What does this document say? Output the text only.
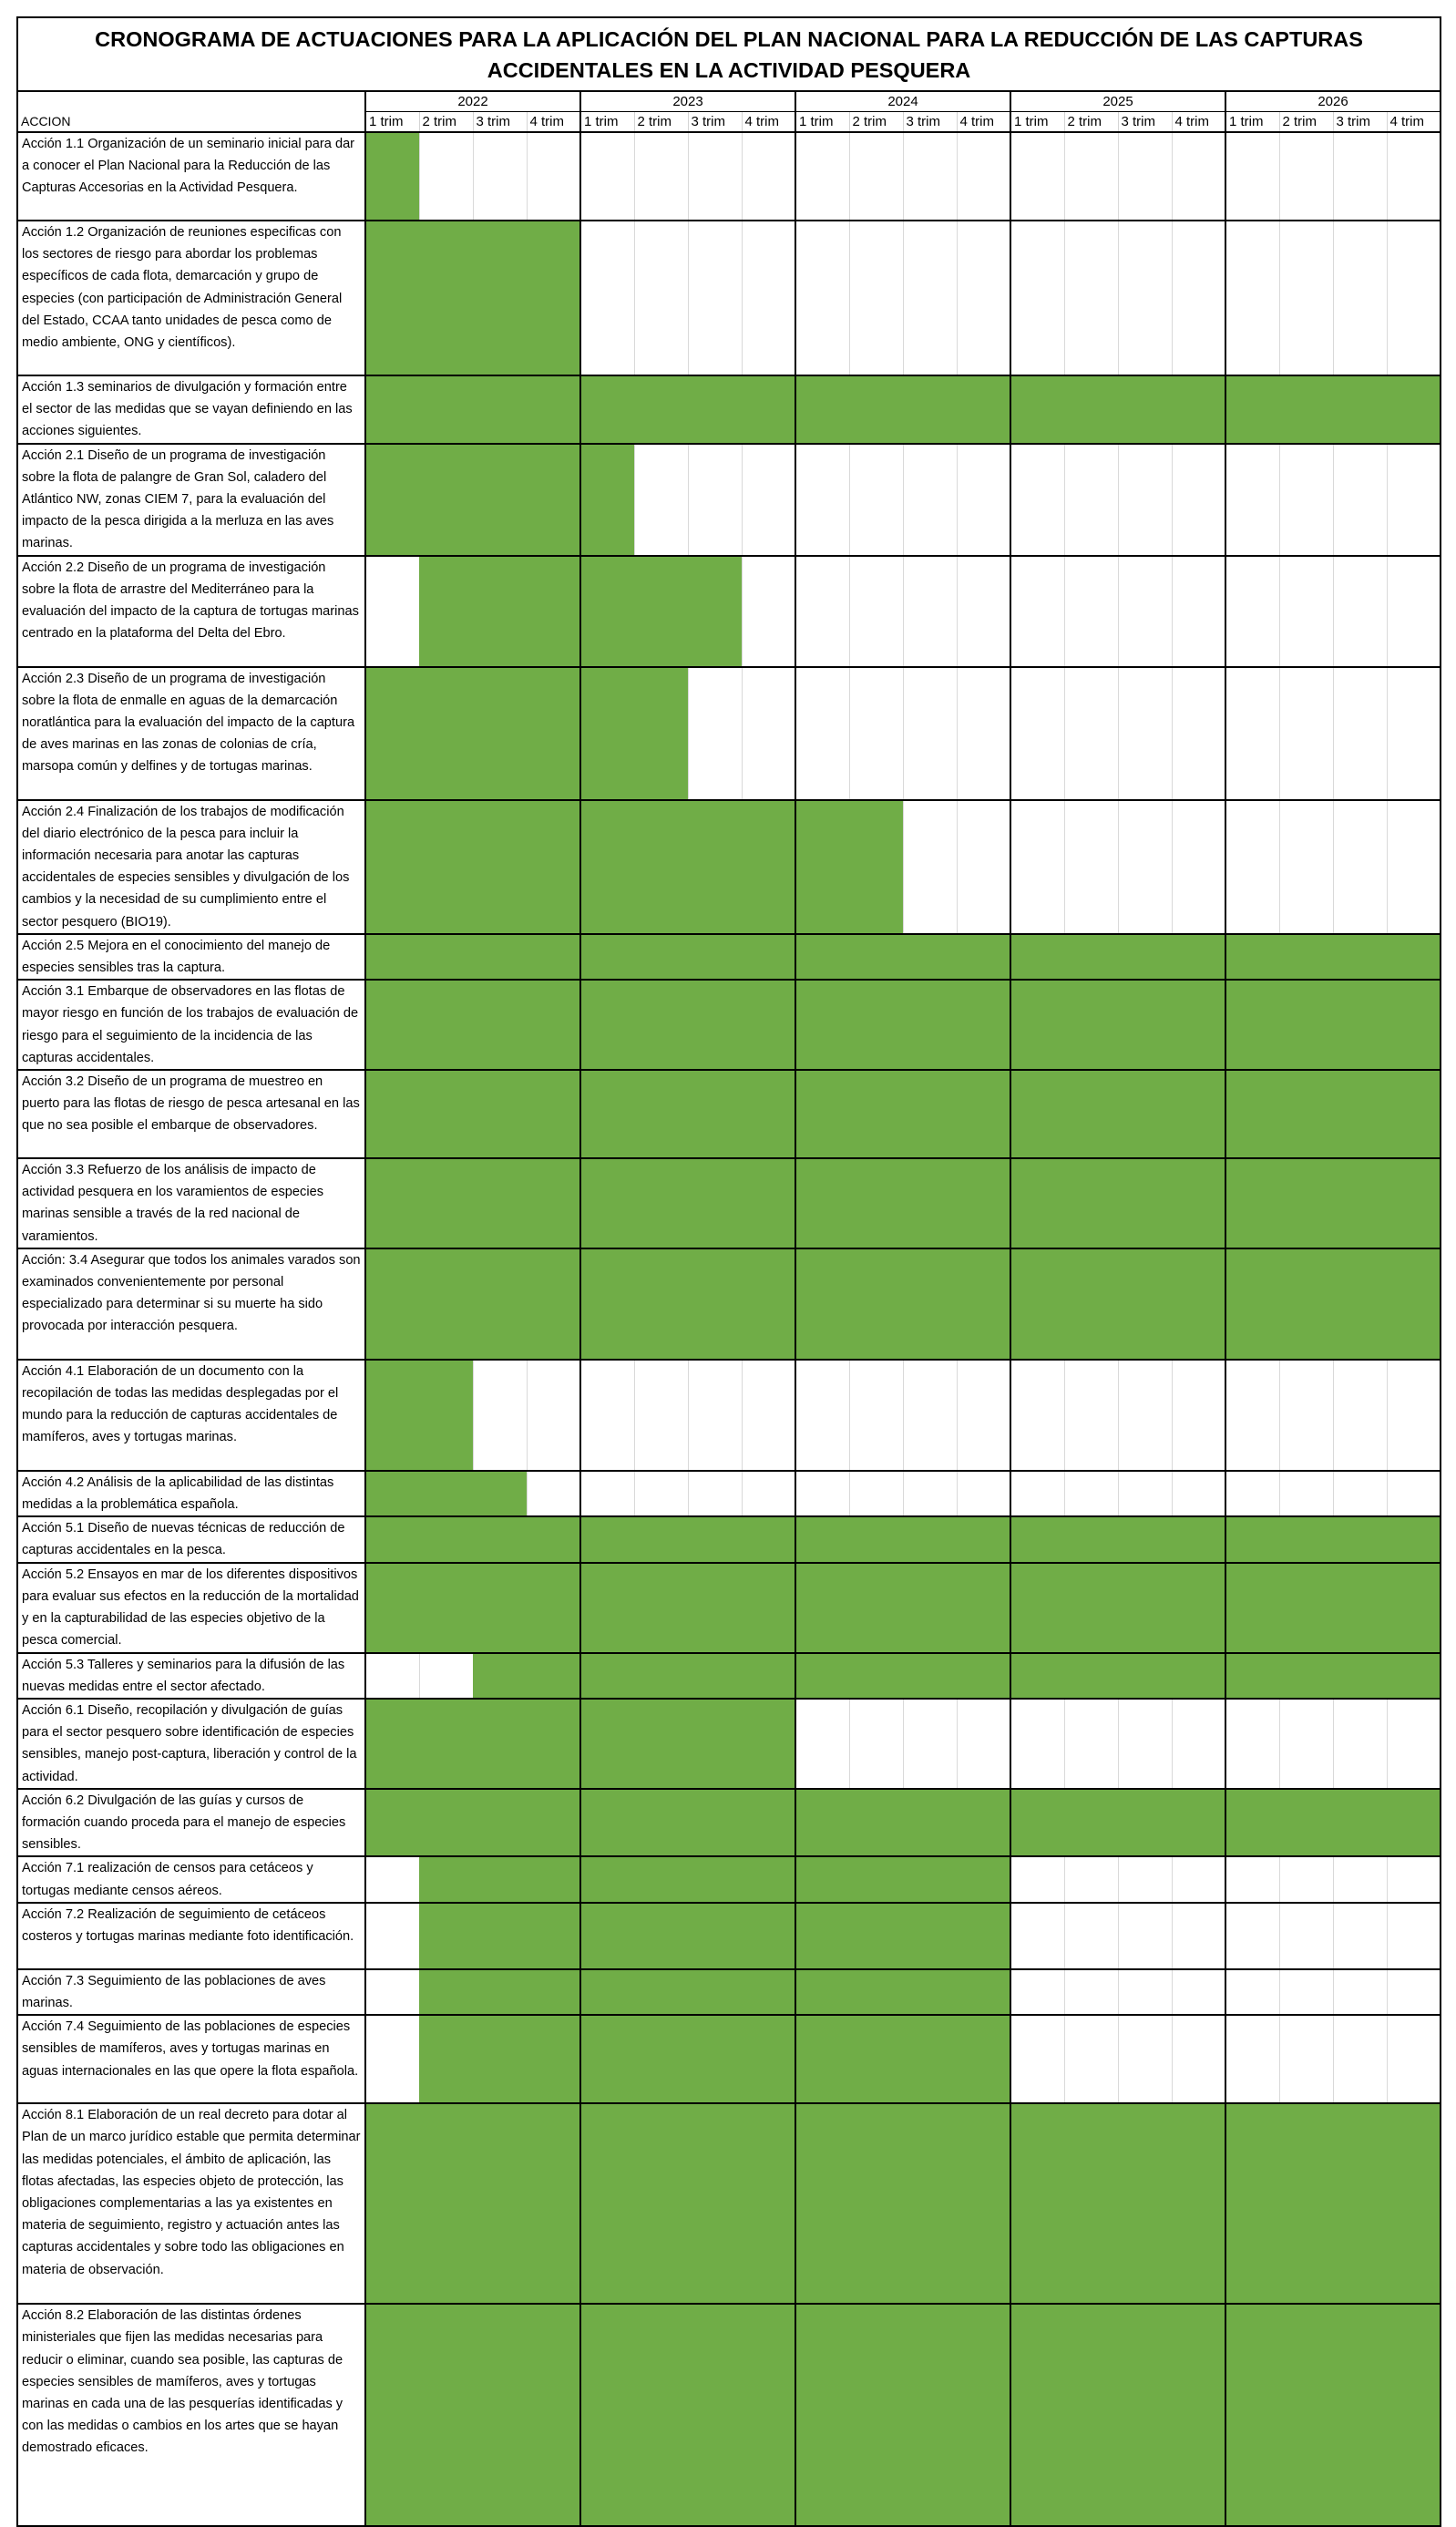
CRONOGRAMA DE ACTUACIONES PARA LA APLICACIÓN DEL PLAN NACIONAL PARA LA REDUCCIÓN DE LAS CAPTURAS ACCIDENTALES EN LA ACTIVIDAD PESQUERA																				
	2022				2023				2024				2025				2026			
ACCION	1 trim	2 trim	3 trim	4 trim	1 trim	2 trim	3 trim	4 trim	1 trim	2 trim	3 trim	4 trim	1 trim	2 trim	3 trim	4 trim	1 trim	2 trim	3 trim	4 trim
Acción 1.1 Organización de un seminario inicial para dar a conocer el Plan Nacional para la Reducción de las Capturas Accesorias en la Actividad Pesquera.																				
Acción 1.2 Organización de reuniones especificas con los sectores de riesgo para abordar los problemas específicos de cada flota, demarcación y grupo de especies (con participación de Administración General del Estado, CCAA tanto unidades de pesca como de medio ambiente, ONG y científicos).																				
Acción 1.3 seminarios de divulgación y formación entre el sector de las medidas que se vayan definiendo en las acciones siguientes.																				
Acción 2.1 Diseño de un programa de investigación sobre la flota de palangre de Gran Sol, caladero del Atlántico NW, zonas CIEM 7, para la evaluación del impacto de la pesca dirigida a la merluza en las aves marinas.																				
Acción 2.2 Diseño de un programa de investigación sobre la flota de arrastre del Mediterráneo para la evaluación del impacto de la captura de tortugas marinas centrado en la plataforma del Delta del Ebro.																				
Acción 2.3 Diseño de un programa de investigación sobre la flota de enmalle en aguas de la demarcación noratlántica para la evaluación del impacto de la captura de aves marinas en las zonas de colonias de cría, marsopa común y delfines y de tortugas marinas.																				
Acción 2.4 Finalización de los trabajos de modificación del diario electrónico de la pesca para incluir la información necesaria para anotar las capturas accidentales de especies sensibles y divulgación de los cambios y la necesidad de su cumplimiento entre el sector pesquero (BIO19).																				
Acción 2.5 Mejora en el conocimiento del manejo de especies sensibles tras la captura.																				
Acción 3.1 Embarque de observadores en las flotas de mayor riesgo en función de los trabajos de evaluación de riesgo para el seguimiento de la incidencia de las capturas accidentales.																				
Acción 3.2 Diseño de un programa de muestreo en puerto para las flotas de riesgo de pesca artesanal en las que no sea posible el embarque de observadores.																				
Acción 3.3 Refuerzo de los análisis de impacto de actividad pesquera en los varamientos de especies marinas sensible a través de la red nacional de varamientos.																				
Acción: 3.4 Asegurar que todos los animales varados son examinados convenientemente por personal especializado para determinar si su muerte ha sido provocada por interacción pesquera.																				
Acción 4.1 Elaboración de un documento con la recopilación de todas las medidas desplegadas por el mundo para la reducción de capturas accidentales de mamíferos, aves y tortugas marinas.																				
Acción 4.2 Análisis de la aplicabilidad de las distintas medidas a la problemática española.																				
Acción 5.1 Diseño de nuevas técnicas de reducción de capturas accidentales en la pesca.																				
Acción 5.2 Ensayos en mar de los diferentes dispositivos para evaluar sus efectos en la reducción de la mortalidad y en la capturabilidad de las especies objetivo de la pesca comercial.																				
Acción 5.3 Talleres y seminarios para la difusión de las nuevas medidas entre el sector afectado.																				
Acción 6.1 Diseño, recopilación y divulgación de guías para el sector pesquero sobre identificación de especies sensibles, manejo post-captura, liberación y control de la actividad.																				
Acción 6.2 Divulgación de las guías y cursos de formación cuando proceda para el manejo de especies sensibles.																				
Acción 7.1 realización de censos para cetáceos y tortugas mediante censos aéreos.																				
Acción 7.2 Realización de seguimiento de cetáceos costeros y tortugas marinas mediante foto identificación.																				
Acción 7.3 Seguimiento de las poblaciones de aves marinas.																				
Acción 7.4 Seguimiento de las poblaciones de especies sensibles de mamíferos, aves y tortugas marinas en aguas internacionales en las que opere la flota española.																				
Acción 8.1 Elaboración de un real decreto para dotar al Plan de un marco jurídico estable que permita determinar las medidas potenciales, el ámbito de aplicación, las flotas afectadas, las especies objeto de protección, las obligaciones complementarias a las ya existentes en materia de seguimiento, registro y actuación antes las capturas accidentales y sobre todo las obligaciones en materia de observación.																				
Acción 8.2 Elaboración de las distintas órdenes ministeriales que fijen las medidas necesarias para reducir o eliminar, cuando sea posible, las capturas de especies sensibles de mamíferos, aves y tortugas marinas en cada una de las pesquerías identificadas y con las medidas o cambios en los artes que se hayan demostrado eficaces.																				
